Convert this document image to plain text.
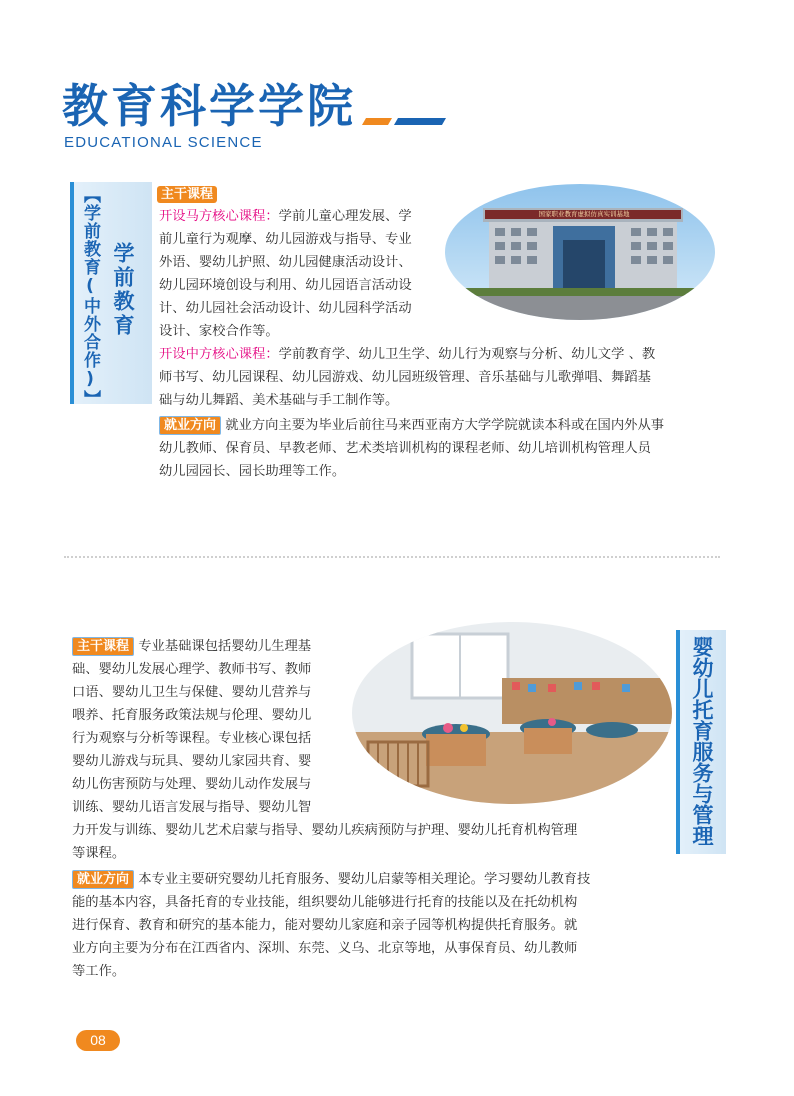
教育科学学院
EDUCATIONAL SCIENCE
【学前教育(中外合作)】 学前教育
国家职业教育虚拟仿真实训基地
主干课程
开设马方核心课程：学前儿童心理发展、学
前儿童行为观摩、幼儿园游戏与指导、专业
外语、婴幼儿护照、幼儿园健康活动设计、
幼儿园环境创设与利用、幼儿园语言活动设
计、幼儿园社会活动设计、幼儿园科学活动
设计、家校合作等。
开设中方核心课程：学前教育学、幼儿卫生学、幼儿行为观察与分析、幼儿文学 、教
师书写、幼儿园课程、幼儿园游戏、幼儿园班级管理、音乐基础与儿歌弹唱、舞蹈基
础与幼儿舞蹈、美术基础与手工制作等。
就业方向 就业方向主要为毕业后前往马来西亚南方大学学院就读本科或在国内外从事
幼儿教师、保育员、早教老师、艺术类培训机构的课程老师、幼儿培训机构管理人员
幼儿园园长、园长助理等工作。
婴幼儿托育服务与管理
主干课程 专业基础课包括婴幼儿生理基
础、婴幼儿发展心理学、教师书写、教师
口语、婴幼儿卫生与保健、婴幼儿营养与
喂养、托育服务政策法规与伦理、婴幼儿
行为观察与分析等课程。专业核心课包括
婴幼儿游戏与玩具、婴幼儿家园共育、婴
幼儿伤害预防与处理、婴幼儿动作发展与
训练、婴幼儿语言发展与指导、婴幼儿智
力开发与训练、婴幼儿艺术启蒙与指导、婴幼儿疾病预防与护理、婴幼儿托育机构管理
等课程。
就业方向 本专业主要研究婴幼儿托育服务、婴幼儿启蒙等相关理论。学习婴幼儿教育技
能的基本内容，具备托育的专业技能，组织婴幼儿能够进行托育的技能以及在托幼机构
进行保育、教育和研究的基本能力，能对婴幼儿家庭和亲子园等机构提供托育服务。就
业方向主要为分布在江西省内、深圳、东莞、义乌、北京等地，从事保育员、幼儿教师
等工作。
08
